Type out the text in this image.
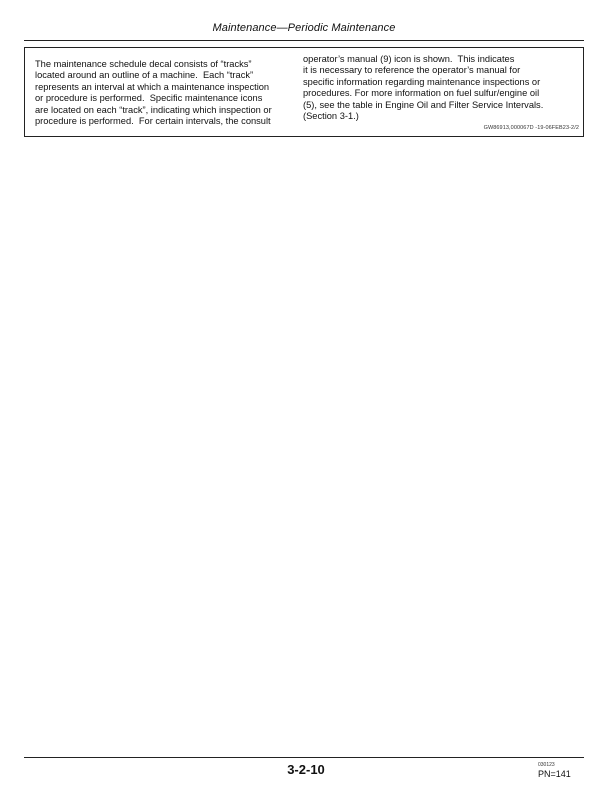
Maintenance—Periodic Maintenance

The maintenance schedule decal consists of “tracks”
located around an outline of a machine.  Each “track”
represents an interval at which a maintenance inspection
or procedure is performed.  Specific maintenance icons
are located on each “track”, indicating which inspection or
procedure is performed.  For certain intervals, the consult

operator’s manual (9) icon is shown.  This indicates
it is necessary to reference the operator’s manual for
specific information regarding maintenance inspections or
procedures. For more information on fuel sulfur/engine oil
(5), see the table in Engine Oil and Filter Service Intervals.
(Section 3-1.)

GW86913,000067D -19-06FEB23-2/2
3-2-10	030123
PN=141
